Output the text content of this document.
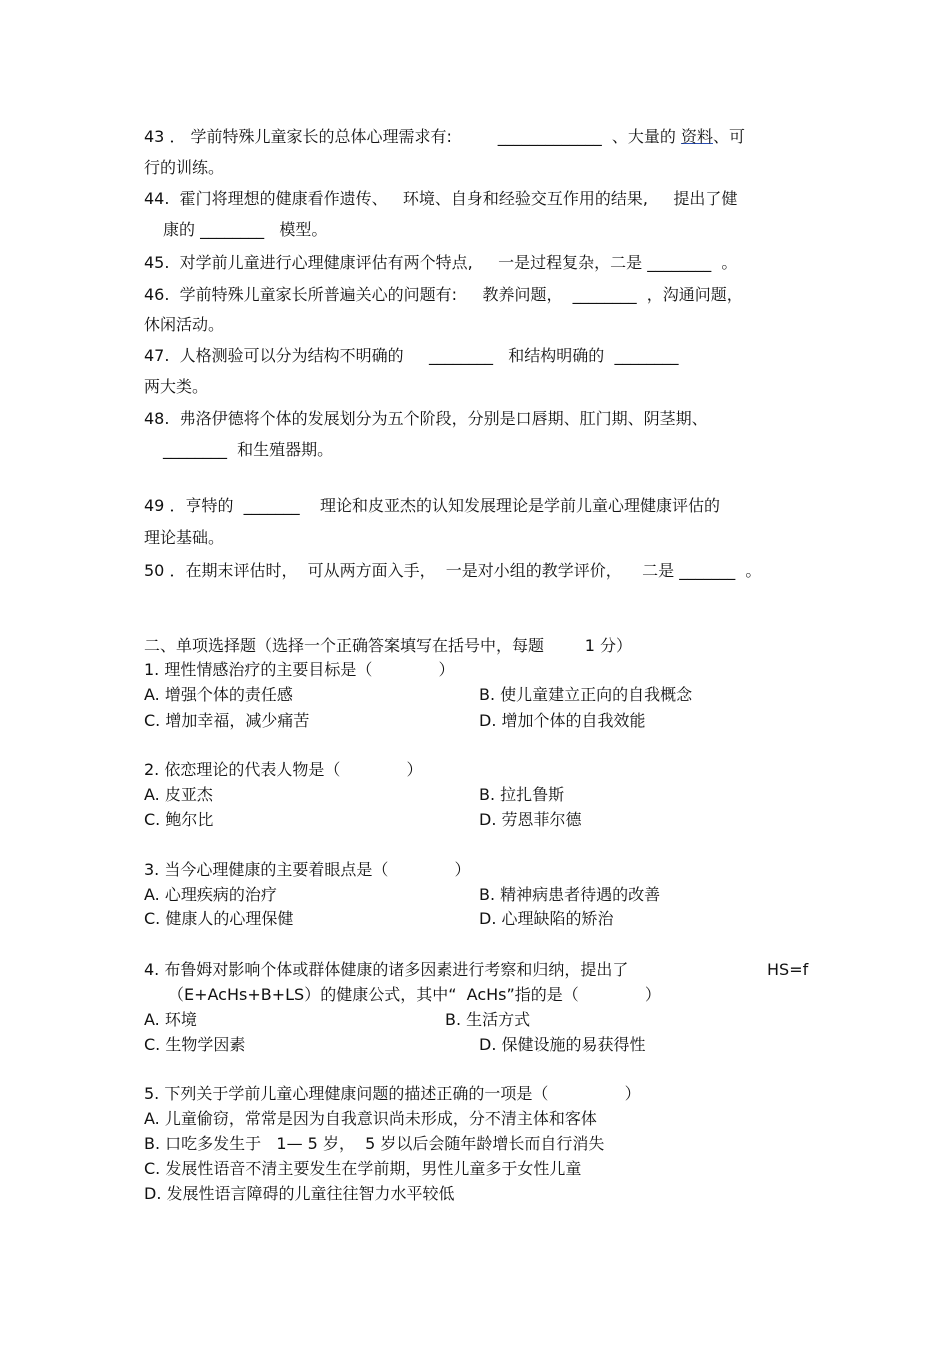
43 ． 学前特殊儿童家长的总体心理需求有:         _____________  、大量的 资料、可
行的训练。
44.  霍门将理想的健康看作遗传、   环境、自身和经验交互作用的结果,     提出了健
康的 ________   模型。
45.  对学前儿童进行心理健康评估有两个特点,     一是过程复杂，二是 ________  。
46.  学前特殊儿童家长所普遍关心的问题有:     教养问题，  ________  ，沟通问题，
休闲活动。
47.  人格测验可以分为结构不明确的     ________   和结构明确的  ________
两大类。
48.  弗洛伊德将个体的发展划分为五个阶段，分别是口唇期、肛门期、阴茎期、
________  和生殖器期。
49 ．亨特的  _______    理论和皮亚杰的认知发展理论是学前儿童心理健康评估的
理论基础。
50 ．在期末评估时，  可从两方面入手，  一是对小组的教学评价，    二是 _______  。
二、单项选择题（选择一个正确答案填写在括号中，每题        1 分）
1. 理性情感治疗的主要目标是（             ）
A. 增强个体的责任感	B. 使儿童建立正向的自我概念
C. 增加幸福，减少痛苦	D. 增加个体的自我效能
2. 依恋理论的代表人物是（             ）
A. 皮亚杰	B. 拉扎鲁斯
C. 鲍尔比	D. 劳恩菲尔德
3. 当今心理健康的主要着眼点是（             ）
A. 心理疾病的治疗	B. 精神病患者待遇的改善
C. 健康人的心理保健	D. 心理缺陷的矫治
4. 布鲁姆对影响个体或群体健康的诸多因素进行考察和归纳，提出了	HS=f
（E+AcHs+B+LS）的健康公式，其中“  AcHs”指的是（             ）
A. 环境	B. 生活方式
C. 生物学因素	D. 保健设施的易获得性
5. 下列关于学前儿童心理健康问题的描述正确的一项是（               ）
A. 儿童偷窃，常常是因为自我意识尚未形成，分不清主体和客体
B. 口吃多发生于   1— 5 岁，  5 岁以后会随年龄增长而自行消失
C. 发展性语音不清主要发生在学前期，男性儿童多于女性儿童
D. 发展性语言障碍的儿童往往智力水平较低
